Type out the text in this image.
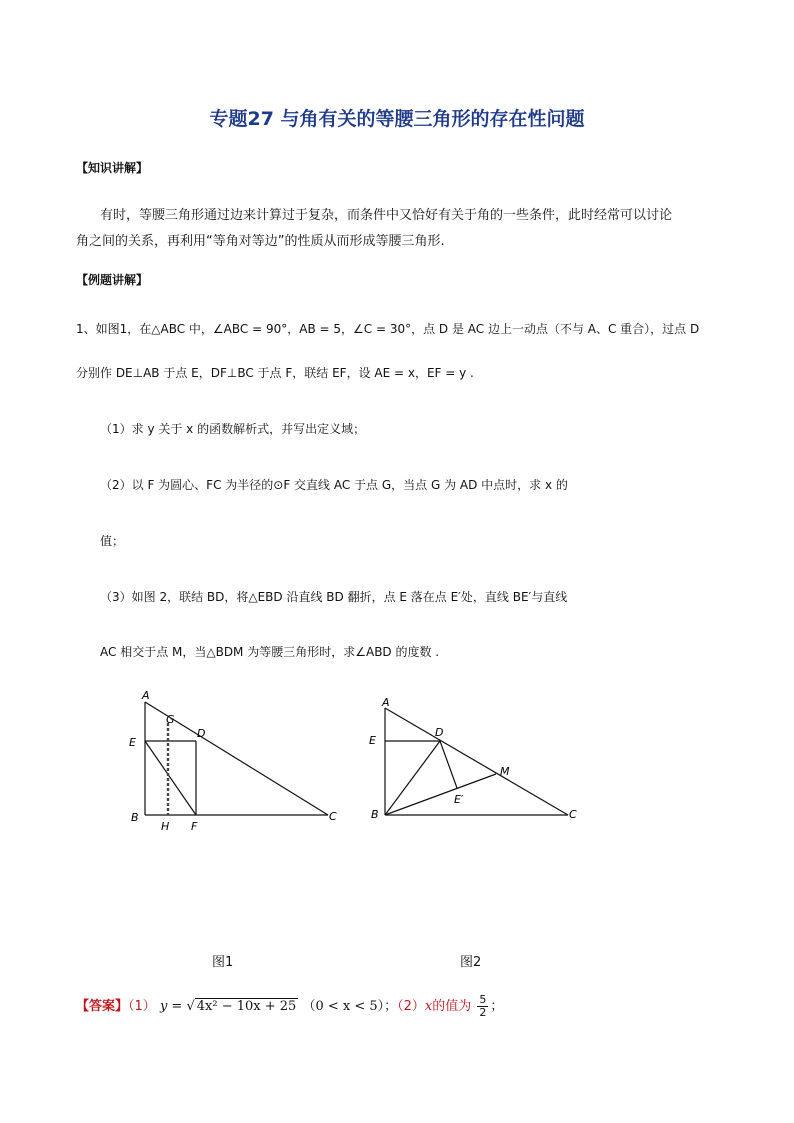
专题27 与角有关的等腰三角形的存在性问题
【知识讲解】
有时，等腰三角形通过边来计算过于复杂，而条件中又恰好有关于角的一些条件，此时经常可以讨论
角之间的关系，再利用“等角对等边”的性质从而形成等腰三角形.
【例题讲解】
1、如图1，在△ABC 中，∠ABC = 90°，AB = 5，∠C = 30°，点 D 是 AC 边上一动点（不与 A、C 重合），过点 D
分别作 DE⊥AB 于点 E，DF⊥BC 于点 F，联结 EF，设 AE = x，EF = y .
（1）求 y 关于 x 的函数解析式，并写出定义域；
（2）以 F 为圆心、FC 为半径的⊙F 交直线 AC 于点 G，当点 G 为 AD 中点时，求 x 的
值；
（3）如图 2，联结 BD，将△EBD 沿直线 BD 翻折，点 E 落在点 E′处，直线 BE′与直线
AC 相交于点 M，当△BDM 为等腰三角形时，求∠ABD 的度数 .
A
G
D
E
B
H F
C
A
D
E
M
E′
B	C
图1	图2
【答案】（1） y = √ 4x² − 10x + 25 （0 < x < 5）；（2）x的值为 $\frac{5}{2}$ ；
